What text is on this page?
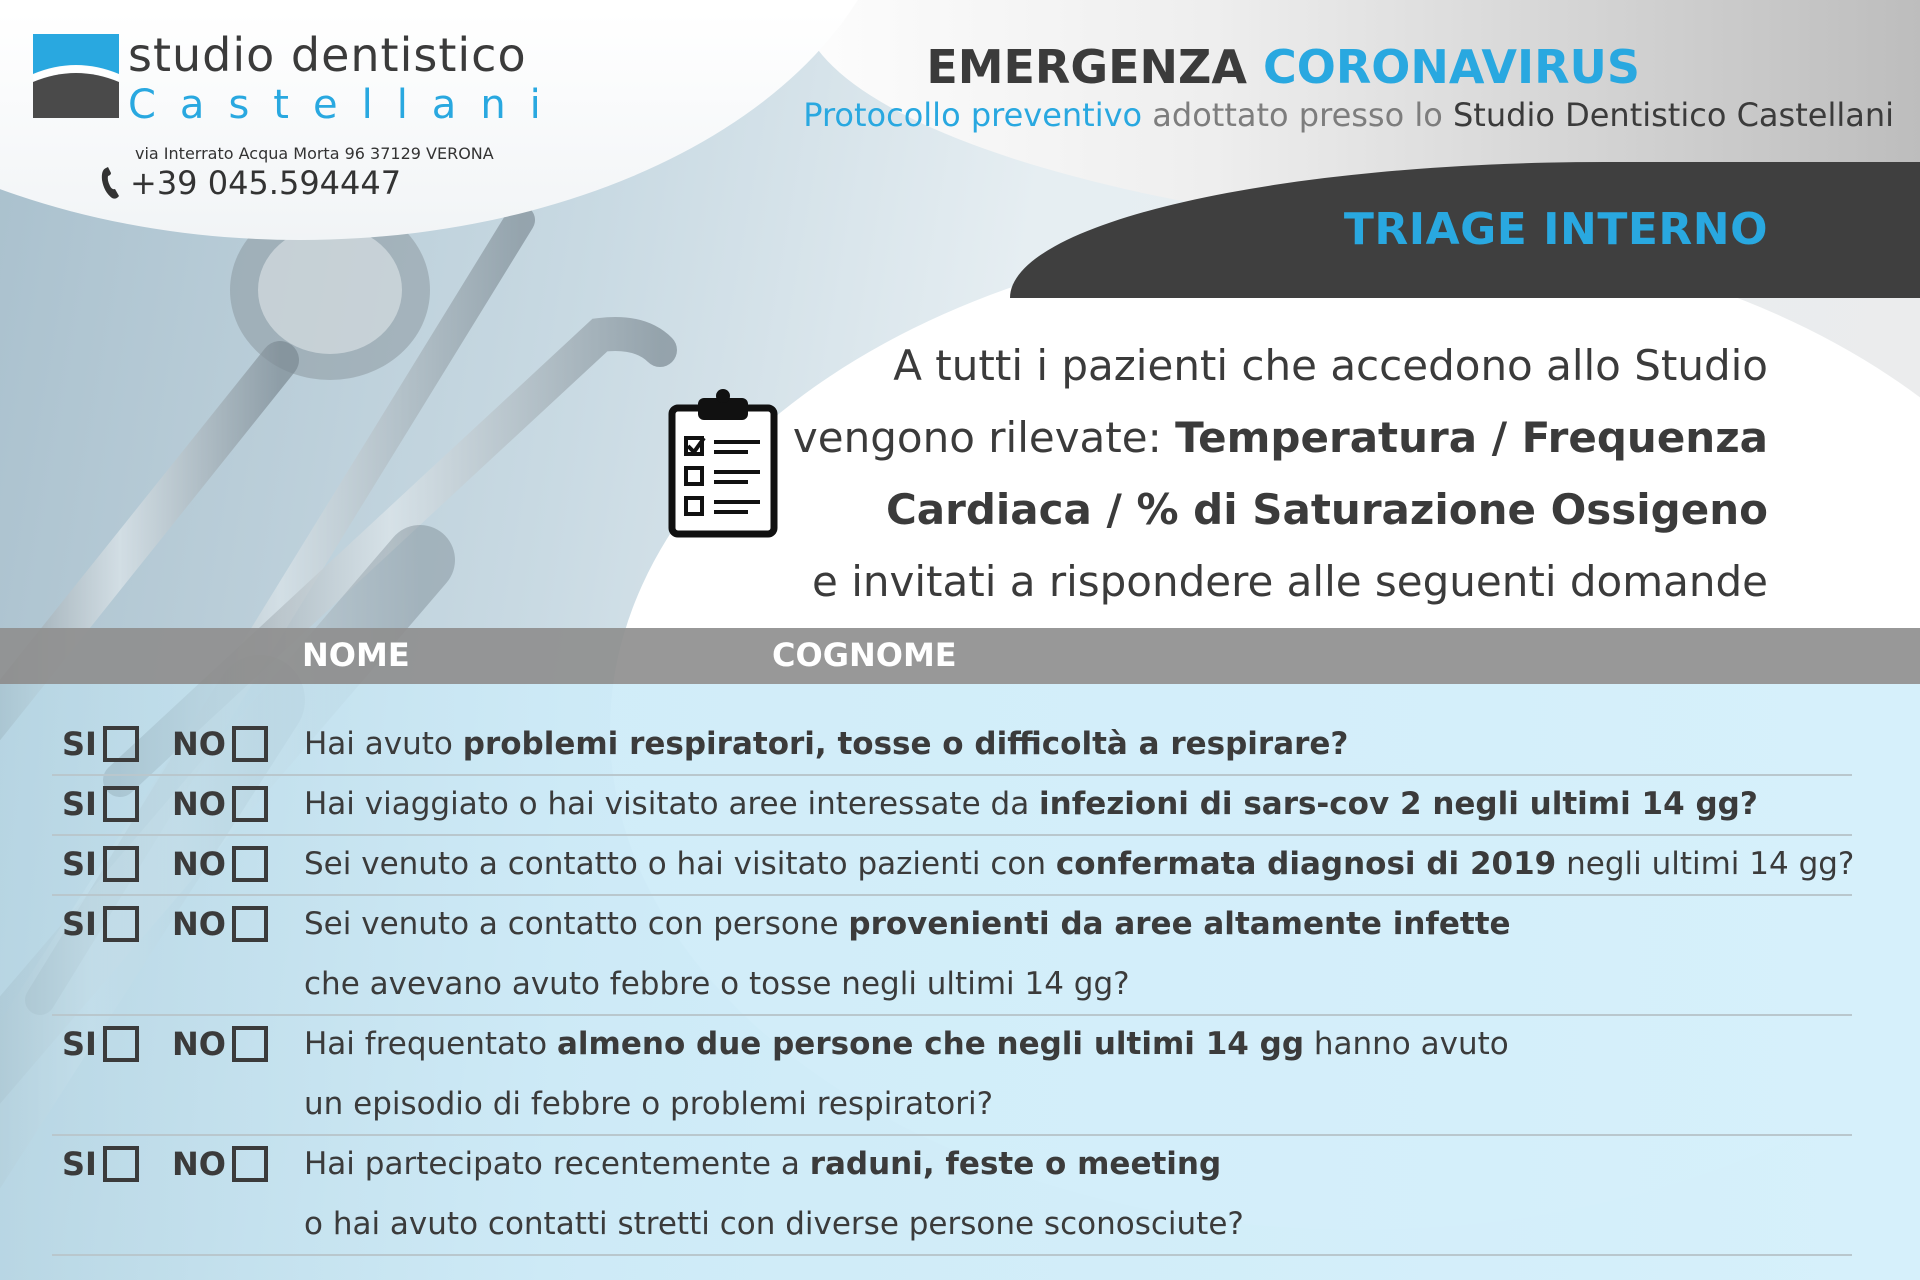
TRIAGE INTERNO
studio dentistico
Castellani
via Interrato Acqua Morta 96 37129 VERONA
+39 045.594447
EMERGENZA CORONAVIRUS
Protocollo preventivo adottato presso lo Studio Dentistico Castellani
A tutti i pazienti che accedono allo Studio
vengono rilevate: Temperatura / Frequenza
Cardiaca / % di Saturazione Ossigeno
e invitati a rispondere alle seguenti domande
NOME	COGNOME
SI NO	Hai avuto problemi respiratori, tosse o difficoltà a respirare?
SI NO	Hai viaggiato o hai visitato aree interessate da infezioni di sars-cov 2 negli ultimi 14 gg?
SI NO	Sei venuto a contatto o hai visitato pazienti con confermata diagnosi di 2019 negli ultimi 14 gg?
SI NO	Sei venuto a contatto con persone provenienti da aree altamente infette
che avevano avuto febbre o tosse negli ultimi 14 gg?
SI NO	Hai frequentato almeno due persone che negli ultimi 14 gg hanno avuto
un episodio di febbre o problemi respiratori?
SI NO	Hai partecipato recentemente a raduni, feste o meeting
o hai avuto contatti stretti con diverse persone sconosciute?
